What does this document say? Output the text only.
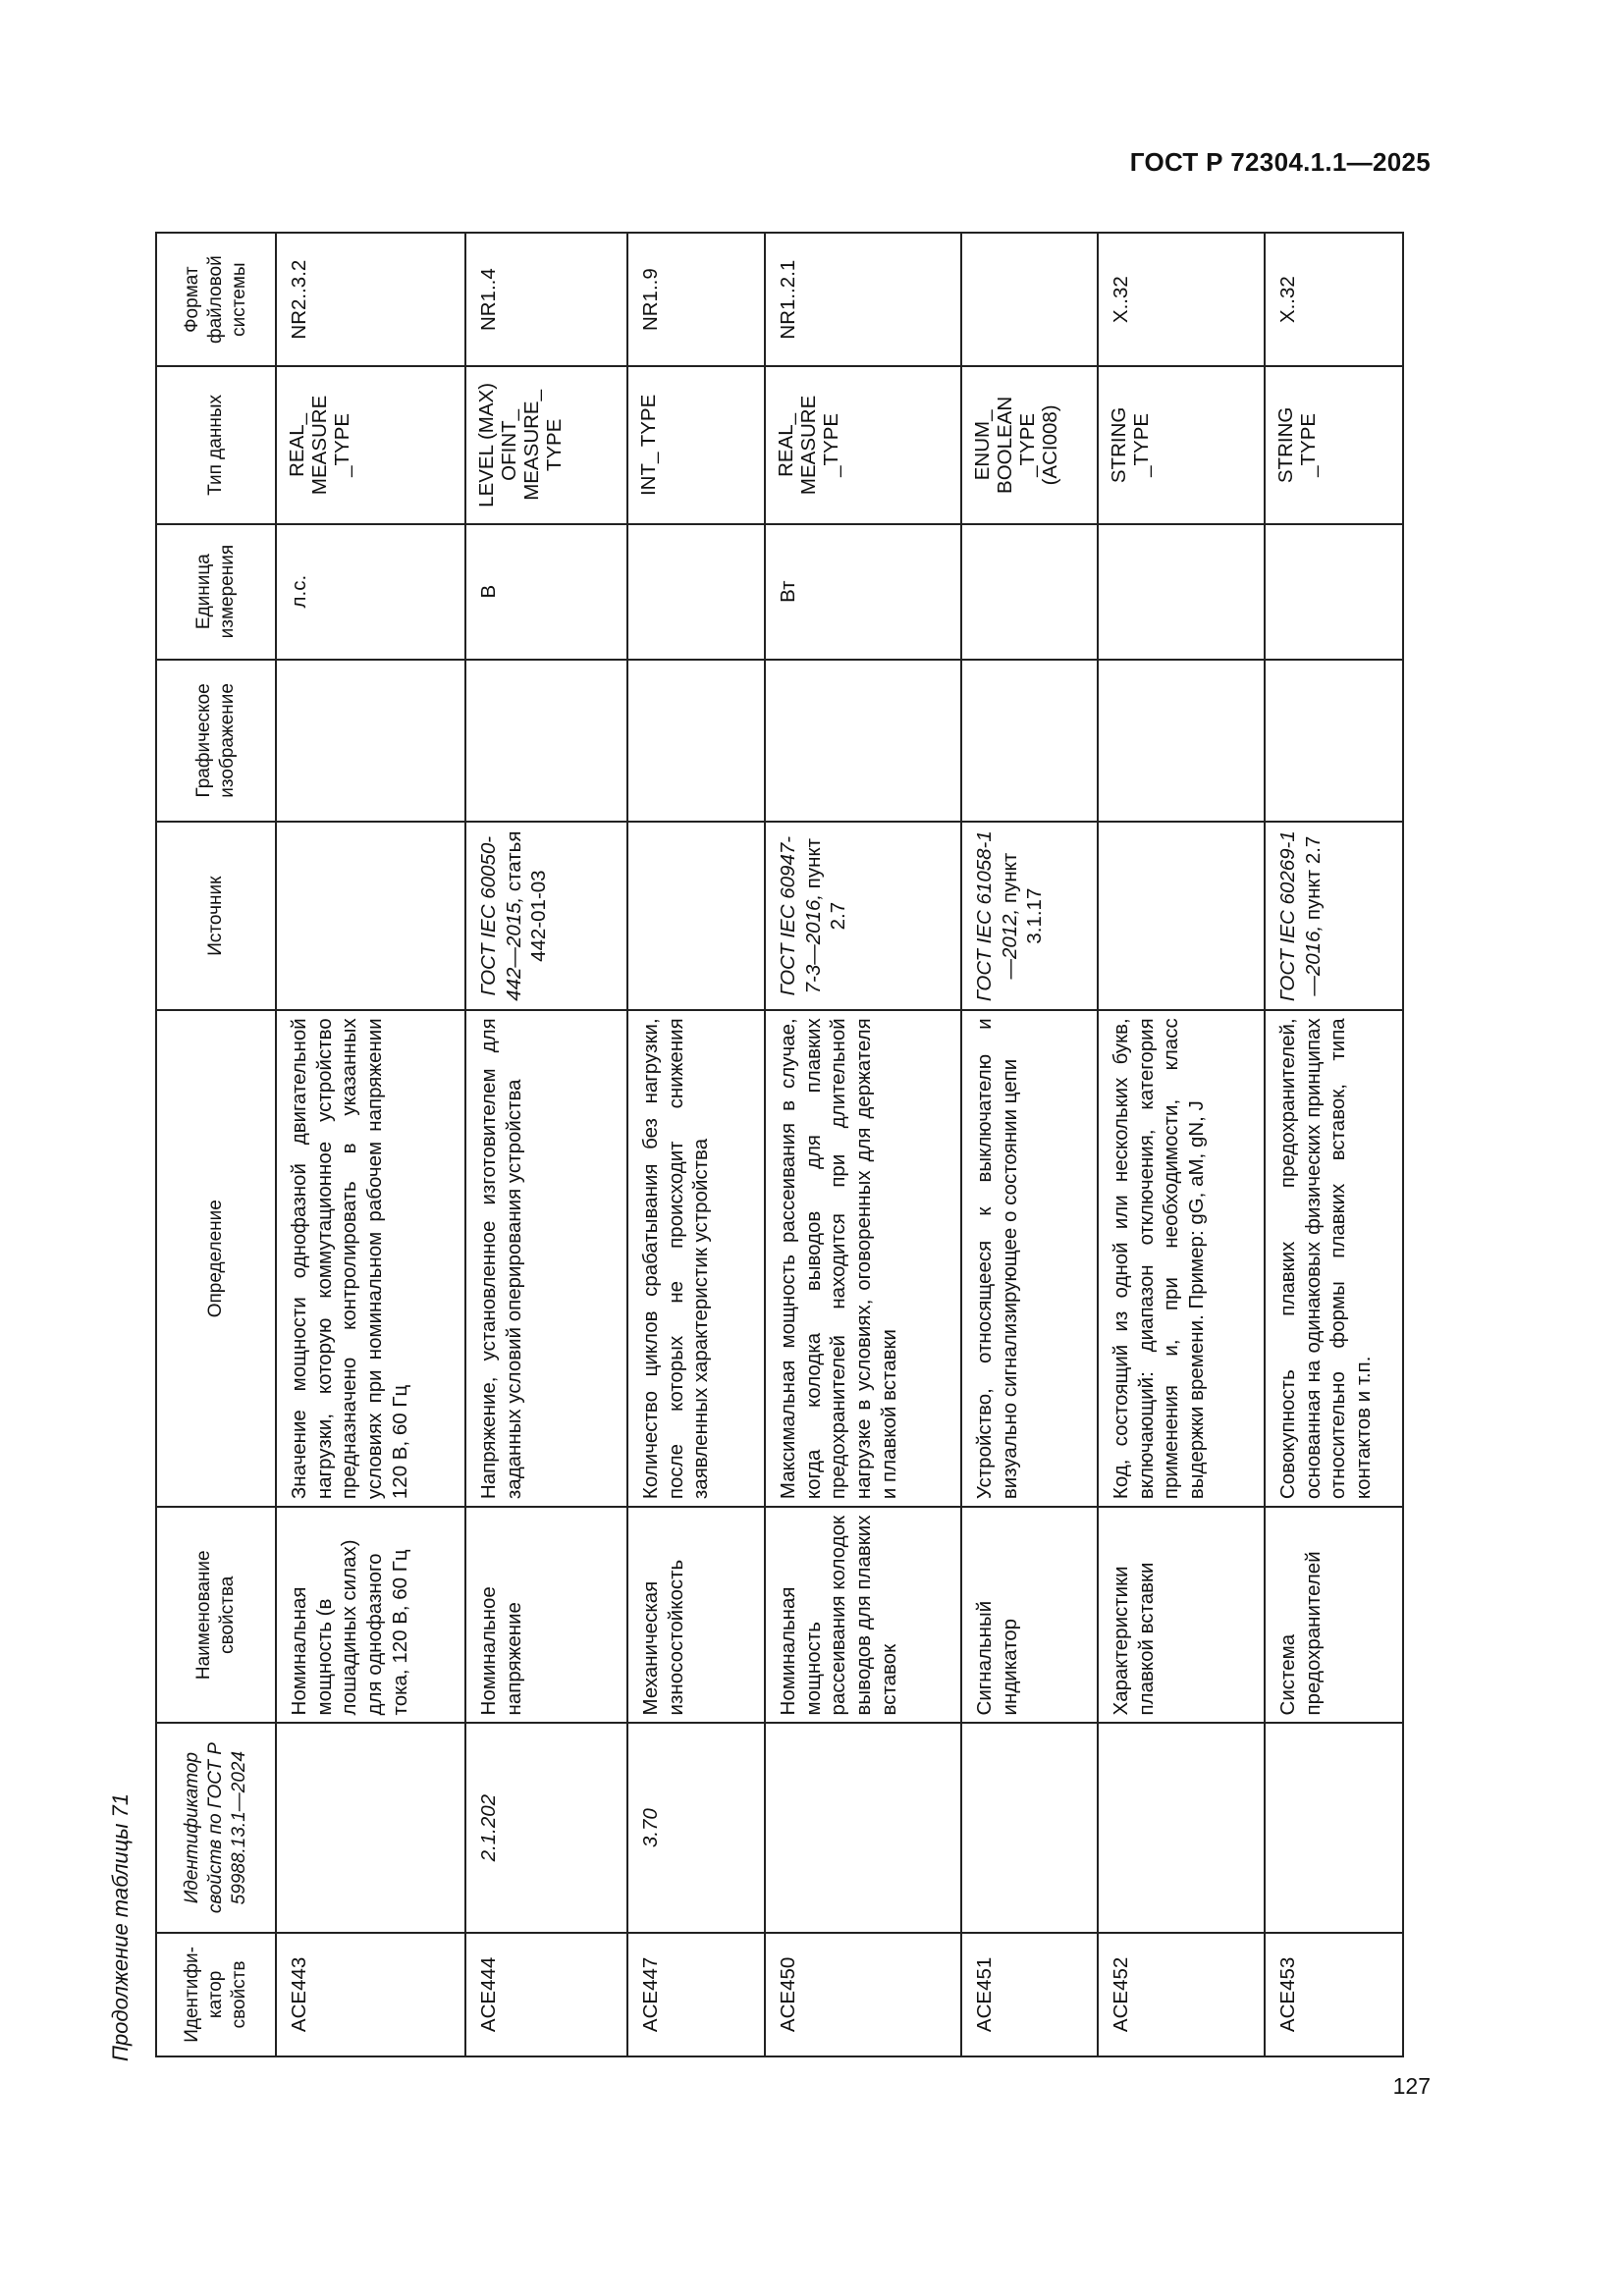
ГОСТ Р 72304.1.1—2025
Продолжение таблицы 71	Идентифи-катор свойств	Идентификатор свойств по ГОСТ Р 59988.13.1—2024	Наименование свойства	Определение	Источник	Графическое изображение	Единица измерения	Тип данных	Формат файловой системы
ACE443		Номинальная мощность (в лошадиных силах) для однофазного тока, 120 В, 60 Гц	Значение мощности однофазной двигательной нагрузки, которую коммутационное устройство предназначено контролировать в указанных условиях при номинальном рабочем напряжении 120 В, 60 Гц			л.с.	REAL_ MEASURE _TYPE	NR2..3.2
ACE444	2.1.202	Номинальное напряжение	Напряжение, установленное изготовителем для заданных условий оперирования устройства	ГОСТ IEC 60050-442—2015, статья 442-01-03		В	LEVEL (MAX) OFINT_ MEASURE_ TYPE	NR1..4
ACE447	3.70	Механическая износостойкость	Количество циклов срабатывания без нагрузки, после которых не происходит снижения заявленных характеристик устройства				INT_ TYPE	NR1..9
ACE450		Номинальная мощность рассеивания колодок выводов для плавких вставок	Максимальная мощность рассеивания в случае, когда колодка выводов для плавких предохранителей находится при длительной нагрузке в условиях, оговоренных для держателя и плавкой вставки	ГОСТ IEC 60947-7-3—2016, пункт 2.7		Вт	REAL_ MEASURE _TYPE	NR1..2.1
ACE451		Сигнальный индикатор	Устройство, относящееся к выключателю и визуально сигнализирующее о состоянии цепи	ГОСТ IEC 61058-1—2012, пункт 3.1.17			ENUM_ BOOLEAN _TYPE (ACI008)	
ACE452		Характеристики плавкой вставки	Код, состоящий из одной или нескольких букв, включающий: диапазон отключения, категория применения и, при необходимости, класс выдержки времени. Пример: gG, aM, gN, J				STRING _TYPE	X..32
ACE453		Система предохранителей	Совокупность плавких предохранителей, основанная на одинаковых физических принципах относительно формы плавких вставок, типа контактов и т.п.	ГОСТ IEC 60269-1—2016, пункт 2.7			STRING _TYPE	X..32
127
